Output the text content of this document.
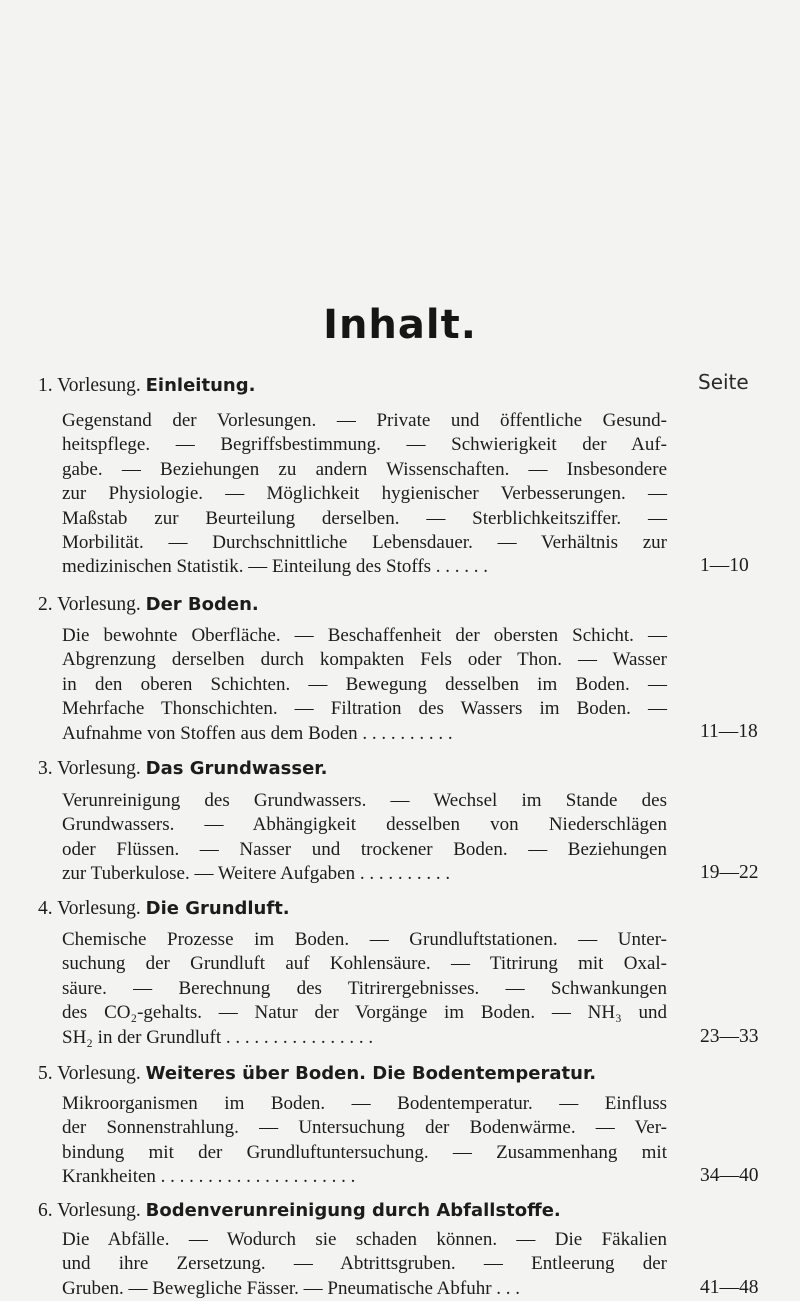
Inhalt.
Seite
1. Vorlesung. Einleitung.
Gegenstand der Vorlesungen. — Private und öffentliche Gesund-
heitspflege. — Begriffsbestimmung. — Schwierigkeit der Auf-
gabe. — Beziehungen zu andern Wissenschaften. — Insbesondere
zur Physiologie. — Möglichkeit hygienischer Verbesserungen. —
Maßstab zur Beurteilung derselben. — Sterblichkeitsziffer. —
Morbilität. — Durchschnittliche Lebensdauer. — Verhältnis zur
medizinischen Statistik. — Einteilung des Stoffs . . . . . .	1—10
2. Vorlesung. Der Boden.
Die bewohnte Oberfläche. — Beschaffenheit der obersten Schicht. —
Abgrenzung derselben durch kompakten Fels oder Thon. — Wasser
in den oberen Schichten. — Bewegung desselben im Boden. —
Mehrfache Thonschichten. — Filtration des Wassers im Boden. —
Aufnahme von Stoffen aus dem Boden . . . . . . . . . .	11—18
3. Vorlesung. Das Grundwasser.
Verunreinigung des Grundwassers. — Wechsel im Stande des
Grundwassers. — Abhängigkeit desselben von Niederschlägen
oder Flüssen. — Nasser und trockener Boden. — Beziehungen
zur Tuberkulose. — Weitere Aufgaben . . . . . . . . . .	19—22
4. Vorlesung. Die Grundluft.
Chemische Prozesse im Boden. — Grundluftstationen. — Unter-
suchung der Grundluft auf Kohlensäure. — Titrirung mit Oxal-
säure. — Berechnung des Titrirergebnisses. — Schwankungen
des CO₂-gehalts. — Natur der Vorgänge im Boden. — NH₃ und
SH₂ in der Grundluft . . . . . . . . . . . . . . . .	23—33
5. Vorlesung. Weiteres über Boden. Die Bodentemperatur.
Mikroorganismen im Boden. — Bodentemperatur. — Einfluss
der Sonnenstrahlung. — Untersuchung der Bodenwärme. — Ver-
bindung mit der Grundluftuntersuchung. — Zusammenhang mit
Krankheiten . . . . . . . . . . . . . . . . . . . . .	34—40
6. Vorlesung. Bodenverunreinigung durch Abfallstoffe.
Die Abfälle. — Wodurch sie schaden können. — Die Fäkalien
und ihre Zersetzung. — Abtrittsgruben. — Entleerung der
Gruben. — Bewegliche Fässer. — Pneumatische Abfuhr . . .	41—48
